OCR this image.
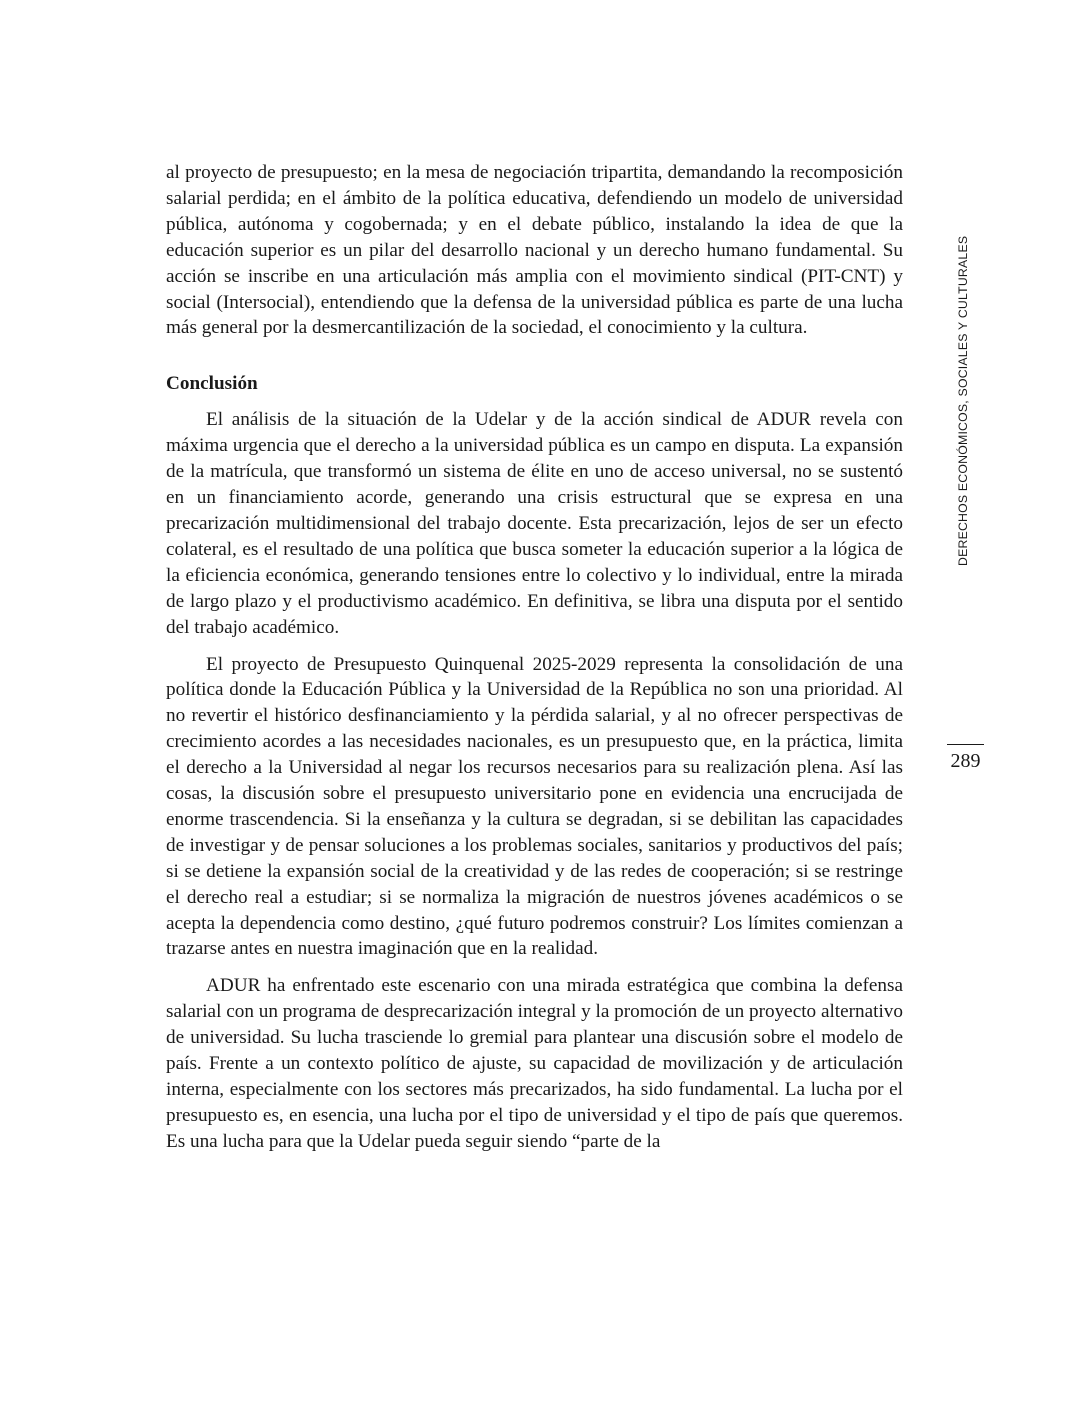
al proyecto de presupuesto; en la mesa de negociación tripartita, demandando la recomposición salarial perdida; en el ámbito de la política educativa, defendiendo un modelo de universidad pública, autónoma y cogobernada; y en el debate público, instalando la idea de que la educación superior es un pilar del desarrollo nacional y un derecho humano fundamental. Su acción se inscribe en una articulación más amplia con el movimiento sindical (PIT-CNT) y social (Intersocial), entendiendo que la defensa de la universidad pública es parte de una lucha más general por la desmercantilización de la sociedad, el conocimiento y la cultura.

Conclusión

El análisis de la situación de la Udelar y de la acción sindical de ADUR revela con máxima urgencia que el derecho a la universidad pública es un campo en disputa. La expansión de la matrícula, que transformó un sistema de élite en uno de acceso universal, no se sustentó en un financiamiento acorde, generando una crisis estructural que se expresa en una precarización multidimensional del trabajo docente. Esta precarización, lejos de ser un efecto colateral, es el resultado de una política que busca someter la educación superior a la lógica de la eficiencia económica, generando tensiones entre lo colectivo y lo individual, entre la mirada de largo plazo y el productivismo académico. En definitiva, se libra una disputa por el sentido del trabajo académico.

El proyecto de Presupuesto Quinquenal 2025-2029 representa la consolidación de una política donde la Educación Pública y la Universidad de la República no son una prioridad. Al no revertir el histórico desfinanciamiento y la pérdida salarial, y al no ofrecer perspectivas de crecimiento acordes a las necesidades nacionales, es un presupuesto que, en la práctica, limita el derecho a la Universidad al negar los recursos necesarios para su realización plena. Así las cosas, la discusión sobre el presupuesto universitario pone en evidencia una encrucijada de enorme trascendencia. Si la enseñanza y la cultura se degradan, si se debilitan las capacidades de investigar y de pensar soluciones a los problemas sociales, sanitarios y productivos del país; si se detiene la expansión social de la creatividad y de las redes de cooperación; si se restringe el derecho real a estudiar; si se normaliza la migración de nuestros jóvenes académicos o se acepta la dependencia como destino, ¿qué futuro podremos construir? Los límites comienzan a trazarse antes en nuestra imaginación que en la realidad.

ADUR ha enfrentado este escenario con una mirada estratégica que combina la defensa salarial con un programa de desprecarización integral y la promoción de un proyecto alternativo de universidad. Su lucha trasciende lo gremial para plantear una discusión sobre el modelo de país. Frente a un contexto político de ajuste, su capacidad de movilización y de articulación interna, especialmente con los sectores más precarizados, ha sido fundamental. La lucha por el presupuesto es, en esencia, una lucha por el tipo de universidad y el tipo de país que queremos. Es una lucha para que la Udelar pueda seguir siendo “parte de la

DERECHOS ECONÓMICOS, SOCIALES Y CULTURALES
289
